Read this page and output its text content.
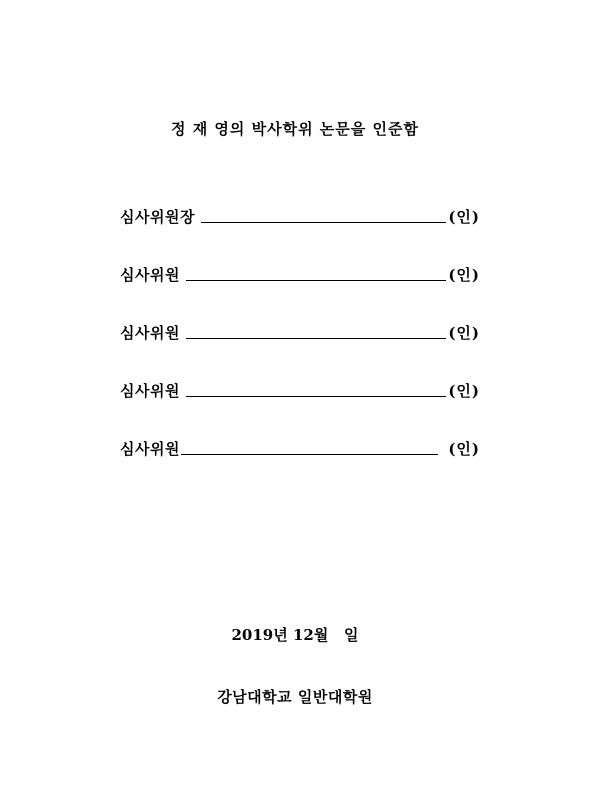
정 재 영의 박사학위 논문을 인준함
심사위원장	(인)
심사위원	(인)
심사위원	(인)
심사위원	(인)
심사위원	(인)
2019년 12월   일
강남대학교 일반대학원
